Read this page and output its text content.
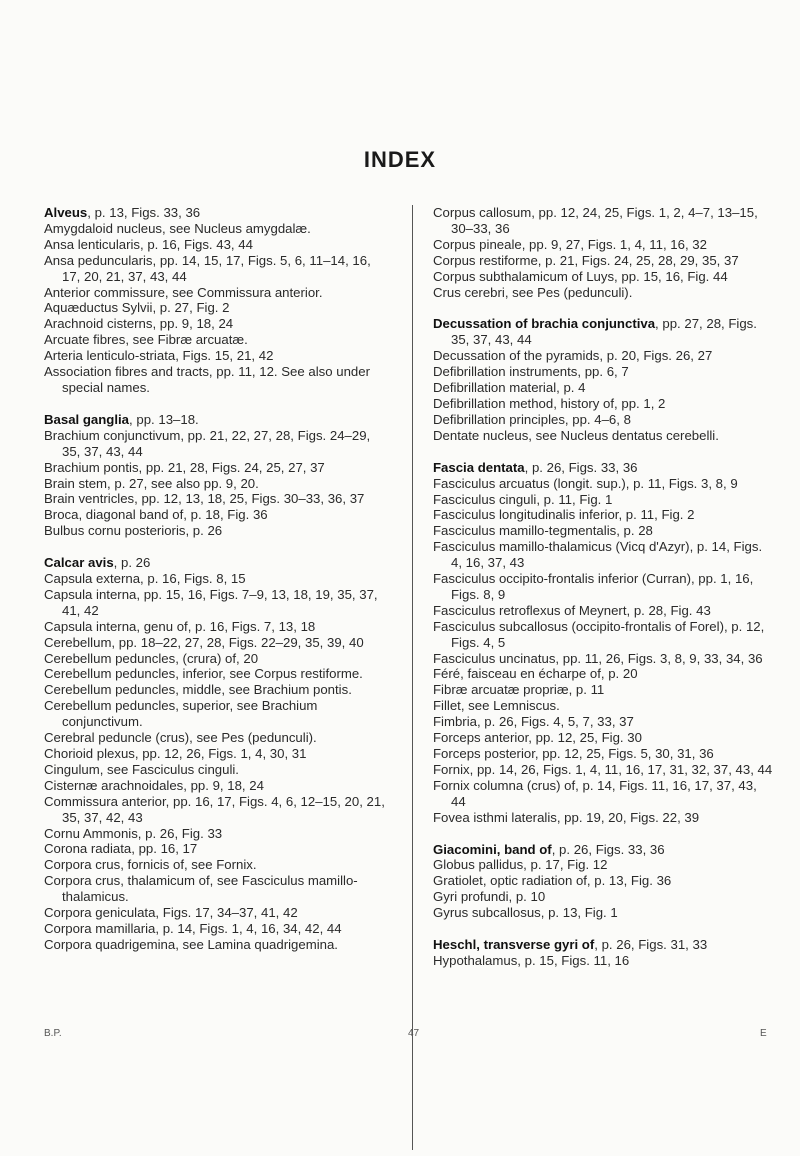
INDEX

Alveus, p. 13, Figs. 33, 36

Amygdaloid nucleus, see Nucleus amygdalæ.

Ansa lenticularis, p. 16, Figs. 43, 44

Ansa peduncularis, pp. 14, 15, 17, Figs. 5, 6, 11–14, 16, 17, 20, 21, 37, 43, 44

Anterior commissure, see Commissura anterior.

Aquæductus Sylvii, p. 27, Fig. 2

Arachnoid cisterns, pp. 9, 18, 24

Arcuate fibres, see Fibræ arcuatæ.

Arteria lenticulo-striata, Figs. 15, 21, 42

Association fibres and tracts, pp. 11, 12. See also under special names.

Basal ganglia, pp. 13–18.

Brachium conjunctivum, pp. 21, 22, 27, 28, Figs. 24–29, 35, 37, 43, 44

Brachium pontis, pp. 21, 28, Figs. 24, 25, 27, 37

Brain stem, p. 27, see also pp. 9, 20.

Brain ventricles, pp. 12, 13, 18, 25, Figs. 30–33, 36, 37

Broca, diagonal band of, p. 18, Fig. 36

Bulbus cornu posterioris, p. 26

Calcar avis, p. 26

Capsula externa, p. 16, Figs. 8, 15

Capsula interna, pp. 15, 16, Figs. 7–9, 13, 18, 19, 35, 37, 41, 42

Capsula interna, genu of, p. 16, Figs. 7, 13, 18

Cerebellum, pp. 18–22, 27, 28, Figs. 22–29, 35, 39, 40

Cerebellum peduncles, (crura) of, 20

Cerebellum peduncles, inferior, see Corpus restiforme.

Cerebellum peduncles, middle, see Brachium pontis.

Cerebellum peduncles, superior, see Brachium conjunctivum.

Cerebral peduncle (crus), see Pes (pedunculi).

Chorioid plexus, pp. 12, 26, Figs. 1, 4, 30, 31

Cingulum, see Fasciculus cinguli.

Cisternæ arachnoidales, pp. 9, 18, 24

Commissura anterior, pp. 16, 17, Figs. 4, 6, 12–15, 20, 21, 35, 37, 42, 43

Cornu Ammonis, p. 26, Fig. 33

Corona radiata, pp. 16, 17

Corpora crus, fornicis of, see Fornix.

Corpora crus, thalamicum of, see Fasciculus mamillo-thalamicus.

Corpora geniculata, Figs. 17, 34–37, 41, 42

Corpora mamillaria, p. 14, Figs. 1, 4, 16, 34, 42, 44

Corpora quadrigemina, see Lamina quadrigemina.

Corpus callosum, pp. 12, 24, 25, Figs. 1, 2, 4–7, 13–15, 30–33, 36

Corpus pineale, pp. 9, 27, Figs. 1, 4, 11, 16, 32

Corpus restiforme, p. 21, Figs. 24, 25, 28, 29, 35, 37

Corpus subthalamicum of Luys, pp. 15, 16, Fig. 44

Crus cerebri, see Pes (pedunculi).

Decussation of brachia conjunctiva, pp. 27, 28, Figs. 35, 37, 43, 44

Decussation of the pyramids, p. 20, Figs. 26, 27

Defibrillation instruments, pp. 6, 7

Defibrillation material, p. 4

Defibrillation method, history of, pp. 1, 2

Defibrillation principles, pp. 4–6, 8

Dentate nucleus, see Nucleus dentatus cerebelli.

Fascia dentata, p. 26, Figs. 33, 36

Fasciculus arcuatus (longit. sup.), p. 11, Figs. 3, 8, 9

Fasciculus cinguli, p. 11, Fig. 1

Fasciculus longitudinalis inferior, p. 11, Fig. 2

Fasciculus mamillo-tegmentalis, p. 28

Fasciculus mamillo-thalamicus (Vicq d'Azyr), p. 14, Figs. 4, 16, 37, 43

Fasciculus occipito-frontalis inferior (Curran), pp. 1, 16, Figs. 8, 9

Fasciculus retroflexus of Meynert, p. 28, Fig. 43

Fasciculus subcallosus (occipito-frontalis of Forel), p. 12, Figs. 4, 5

Fasciculus uncinatus, pp. 11, 26, Figs. 3, 8, 9, 33, 34, 36

Féré, faisceau en écharpe of, p. 20

Fibræ arcuatæ propriæ, p. 11

Fillet, see Lemniscus.

Fimbria, p. 26, Figs. 4, 5, 7, 33, 37

Forceps anterior, pp. 12, 25, Fig. 30

Forceps posterior, pp. 12, 25, Figs. 5, 30, 31, 36

Fornix, pp. 14, 26, Figs. 1, 4, 11, 16, 17, 31, 32, 37, 43, 44

Fornix columna (crus) of, p. 14, Figs. 11, 16, 17, 37, 43, 44

Fovea isthmi lateralis, pp. 19, 20, Figs. 22, 39

Giacomini, band of, p. 26, Figs. 33, 36

Globus pallidus, p. 17, Fig. 12

Gratiolet, optic radiation of, p. 13, Fig. 36

Gyri profundi, p. 10

Gyrus subcallosus, p. 13, Fig. 1

Heschl, transverse gyri of, p. 26, Figs. 31, 33

Hypothalamus, p. 15, Figs. 11, 16

B.P.	47	E
